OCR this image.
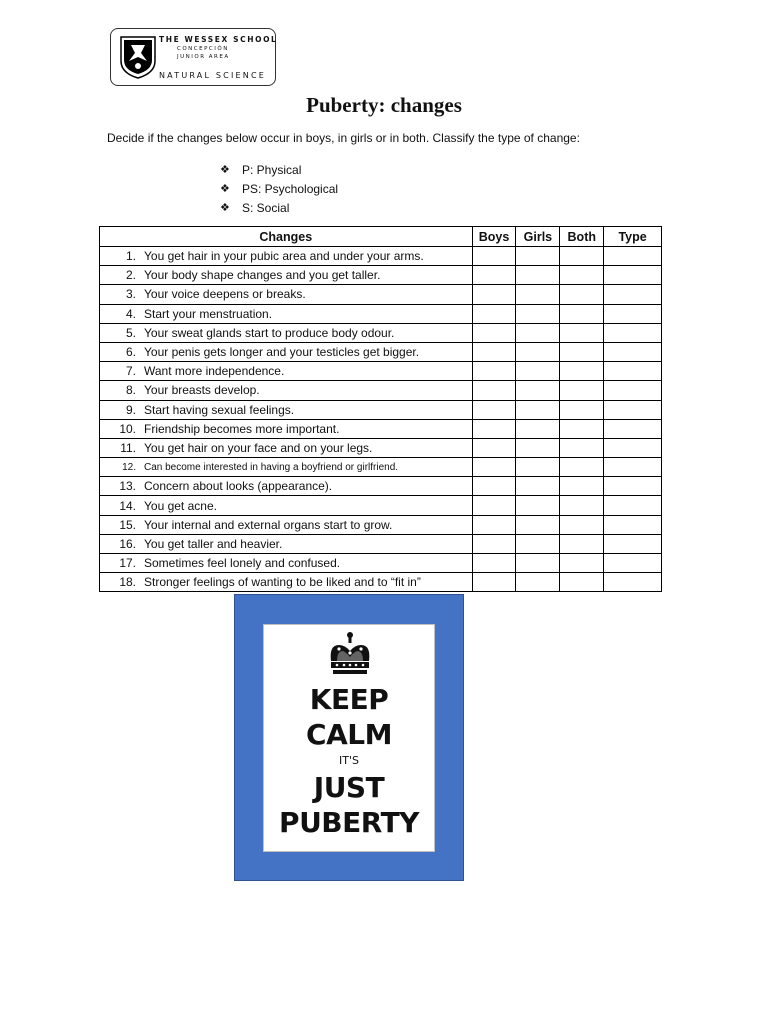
THE WESSEX SCHOOL
CONCEPCIÓN
JUNIOR AREA
NATURAL SCIENCE
Puberty: changes
Decide if the changes below occur in boys, in girls or in both. Classify the type of change:
❖	P: Physical
❖	PS: Psychological
❖	S: Social
Changes	Boys	Girls	Both	Type
1. You get hair in your pubic area and under your arms.				
2. Your body shape changes and you get taller.				
3. Your voice deepens or breaks.				
4. Start your menstruation.				
5. Your sweat glands start to produce body odour.				
6. Your penis gets longer and your testicles get bigger.				
7. Want more independence.				
8. Your breasts develop.				
9. Start having sexual feelings.				
10. Friendship becomes more important.				
11. You get hair on your face and on your legs.				
12. Can become interested in having a boyfriend or girlfriend.				
13. Concern about looks (appearance).				
14. You get acne.				
15. Your internal and external organs start to grow.				
16. You get taller and heavier.				
17. Sometimes feel lonely and confused.				
18. Stronger feelings of wanting to be liked and to “fit in”				
KEEP
CALM
IT'S
JUST
PUBERTY
